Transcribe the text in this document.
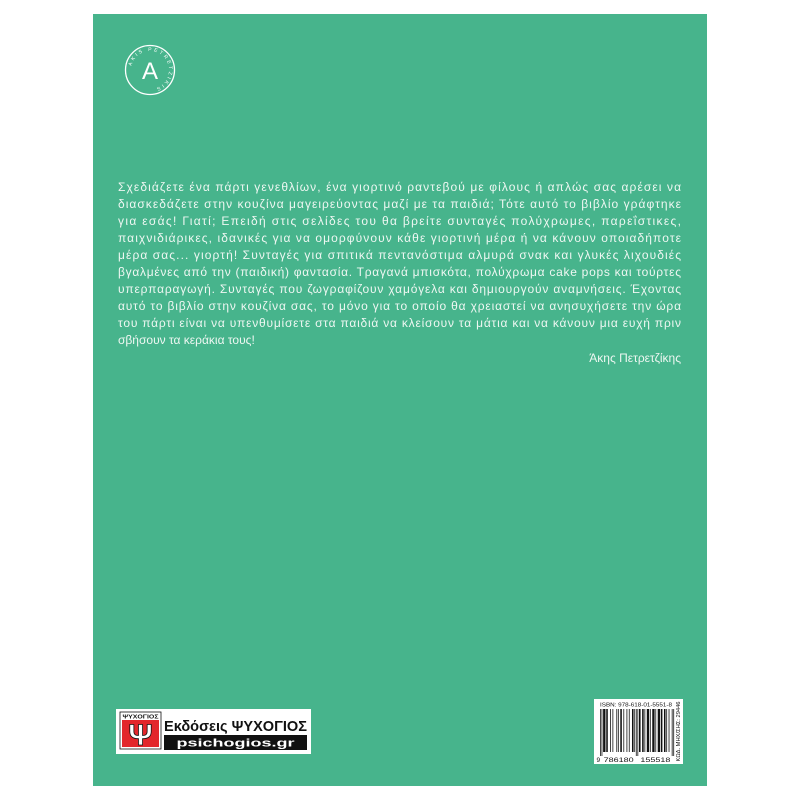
AKIS PETRETZIKIS
A
Σχεδιάζετε ένα πάρτι γενεθλίων, ένα γιορτινό ραντεβού με φίλους ή απλώς σας αρέσει να
διασκεδάζετε στην κουζίνα μαγειρεύοντας μαζί με τα παιδιά; Τότε αυτό το βιβλίο γράφτηκε
για εσάς! Γιατί; Επειδή στις σελίδες του θα βρείτε συνταγές πολύχρωμες, παρεΐστικες,
παιχνιδιάρικες, ιδανικές για να ομορφύνουν κάθε γιορτινή μέρα ή να κάνουν οποιαδήποτε
μέρα σας... γιορτή! Συνταγές για σπιτικά πεντανόστιμα αλμυρά σνακ και γλυκές λιχουδιές
βγαλμένες από την (παιδική) φαντασία. Τραγανά μπισκότα, πολύχρωμα cake pops και τούρτες
υπερπαραγωγή. Συνταγές που ζωγραφίζουν χαμόγελα και δημιουργούν αναμνήσεις. Έχοντας
αυτό το βιβλίο στην κουζίνα σας, το μόνο για το οποίο θα χρειαστεί να ανησυχήσετε την ώρα
του πάρτι είναι να υπενθυμίσετε στα παιδιά να κλείσουν τα μάτια και να κάνουν μια ευχή πριν
σβήσουν τα κεράκια τους!
Άκης Πετρετζίκης
ΨΥΧΟΓΙΟΣ
Ψ Εκδόσεις ΨΥΧΟΓΙΟΣ
psichogios.gr
ISBN: 978-618-01-5551-8
9 786180 155518 ΚΩΔ. ΜΗΧ/ΣΗΣ: 29446
